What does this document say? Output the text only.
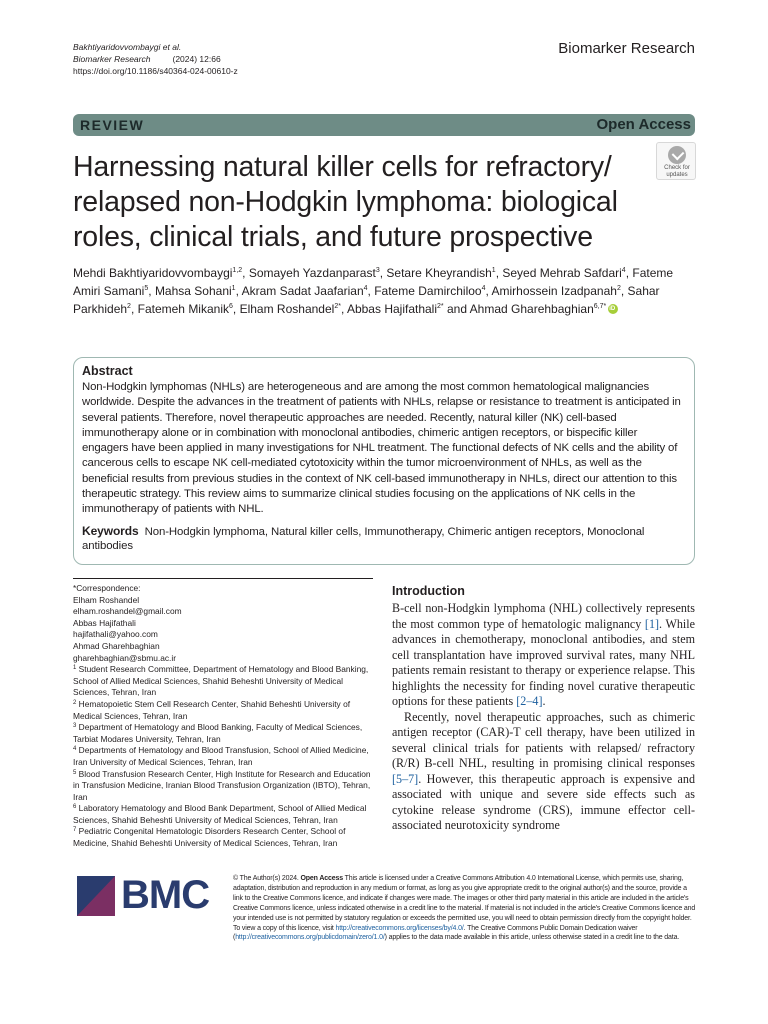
Bakhtiyaridovvombaygi et al.
Biomarker Research	(2024) 12:66
https://doi.org/10.1186/s40364-024-00610-z
Biomarker Research
REVIEW	Open Access
Harnessing natural killer cells for refractory/ relapsed non-Hodgkin lymphoma: biological roles, clinical trials, and future prospective
Check for
updates
Mehdi Bakhtiyaridovvombaygi$^{1,2}$, Somayeh Yazdanparast$^3$, Setare Kheyrandish$^1$, Seyed Mehrab Safdari$^4$, Fateme Amiri Samani$^5$, Mahsa Sohani$^1$, Akram Sadat Jaafarian$^4$, Fateme Damirchiloo$^4$, Amirhossein Izadpanah$^2$, Sahar Parkhideh$^2$, Fatemeh Mikanik$^6$, Elham Roshandel$^{2*}$, Abbas Hajifathali$^{2*}$ and Ahmad Gharehbaghian$^{6,7*}$iD
Abstract
Non-Hodgkin lymphomas (NHLs) are heterogeneous and are among the most common hematological malignancies worldwide. Despite the advances in the treatment of patients with NHLs, relapse or resistance to treatment is anticipated in several patients. Therefore, novel therapeutic approaches are needed. Recently, natural killer (NK) cell-based immunotherapy alone or in combination with monoclonal antibodies, chimeric antigen receptors, or bispecific killer engagers have been applied in many investigations for NHL treatment. The functional defects of NK cells and the ability of cancerous cells to escape NK cell-mediated cytotoxicity within the tumor microenvironment of NHLs, as well as the beneficial results from previous studies in the context of NK cell-based immunotherapy in NHLs, direct our attention to this therapeutic strategy. This review aims to summarize clinical studies focusing on the applications of NK cells in the immunotherapy of patients with NHL.
Keywords Non-Hodgkin lymphoma, Natural killer cells, Immunotherapy, Chimeric antigen receptors, Monoclonal antibodies
*Correspondence:
Elham Roshandel
elham.roshandel@gmail.com
Abbas Hajifathali
hajifathali@yahoo.com
Ahmad Gharehbaghian
gharehbaghian@sbmu.ac.ir
$^1$ Student Research Committee, Department of Hematology and Blood Banking, School of Allied Medical Sciences, Shahid Beheshti University of Medical Sciences, Tehran, Iran
$^2$ Hematopoietic Stem Cell Research Center, Shahid Beheshti University of Medical Sciences, Tehran, Iran
$^3$ Department of Hematology and Blood Banking, Faculty of Medical Sciences, Tarbiat Modares University, Tehran, Iran
$^4$ Departments of Hematology and Blood Transfusion, School of Allied Medicine, Iran University of Medical Sciences, Tehran, Iran
$^5$ Blood Transfusion Research Center, High Institute for Research and Education in Transfusion Medicine, Iranian Blood Transfusion Organization (IBTO), Tehran, Iran
$^6$ Laboratory Hematology and Blood Bank Department, School of Allied Medical Sciences, Shahid Beheshti University of Medical Sciences, Tehran, Iran
$^7$ Pediatric Congenital Hematologic Disorders Research Center, School of Medicine, Shahid Beheshti University of Medical Sciences, Tehran, Iran
Introduction
B-cell non-Hodgkin lymphoma (NHL) collectively represents the most common type of hematologic malignancy [1]. While advances in chemotherapy, monoclonal antibodies, and stem cell transplantation have improved survival rates, many NHL patients remain resistant to therapy or experience relapse. This highlights the necessity for finding novel curative therapeutic options for these patients [2–4].
Recently, novel therapeutic approaches, such as chimeric antigen receptor (CAR)-T cell therapy, have been utilized in several clinical trials for patients with relapsed/ refractory (R/R) B-cell NHL, resulting in promising clinical responses [5–7]. However, this therapeutic approach is expensive and associated with unique and severe side effects such as cytokine release syndrome (CRS), immune effector cell-associated neurotoxicity syndrome
BMC	© The Author(s) 2024. Open Access This article is licensed under a Creative Commons Attribution 4.0 International License, which permits use, sharing, adaptation, distribution and reproduction in any medium or format, as long as you give appropriate credit to the original author(s) and the source, provide a link to the Creative Commons licence, and indicate if changes were made. The images or other third party material in this article are included in the article's Creative Commons licence, unless indicated otherwise in a credit line to the material. If material is not included in the article's Creative Commons licence and your intended use is not permitted by statutory regulation or exceeds the permitted use, you will need to obtain permission directly from the copyright holder. To view a copy of this licence, visit http://creativecommons.org/licenses/by/4.0/. The Creative Commons Public Domain Dedication waiver (http://creativecommons.org/publicdomain/zero/1.0/) applies to the data made available in this article, unless otherwise stated in a credit line to the data.
